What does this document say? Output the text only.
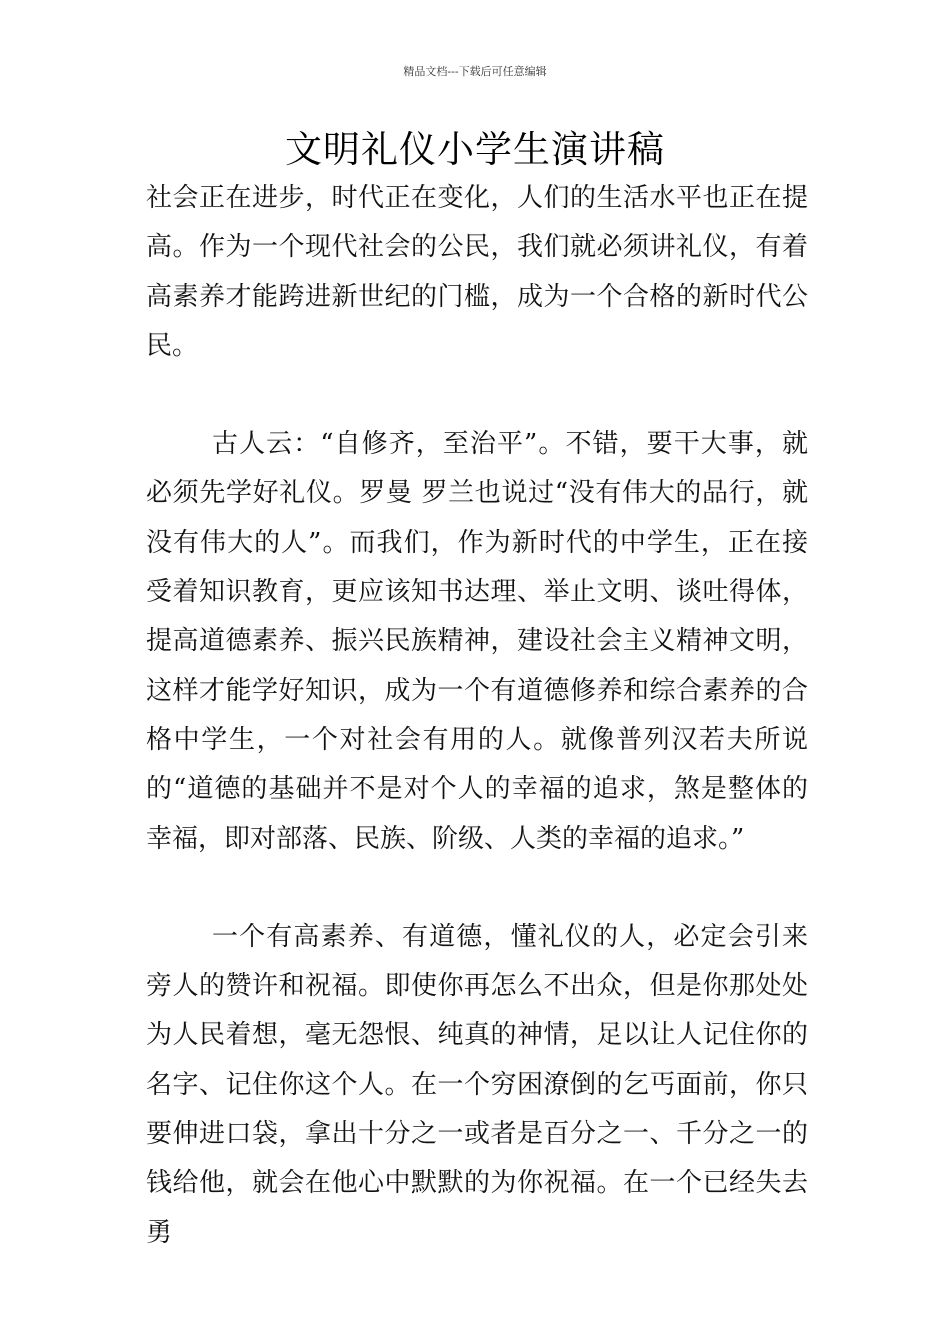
精品文档---下载后可任意编辑
文明礼仪小学生演讲稿

社会正在进步，时代正在变化，人们的生活水平也正在提高。作为一个现代社会的公民，我们就必须讲礼仪，有着高素养才能跨进新世纪的门槛，成为一个合格的新时代公民。

古人云：“自修齐，至治平”。不错，要干大事，就必须先学好礼仪。罗曼 罗兰也说过“没有伟大的品行，就没有伟大的人”。而我们，作为新时代的中学生，正在接受着知识教育，更应该知书达理、举止文明、谈吐得体，提高道德素养、振兴民族精神，建设社会主义精神文明，这样才能学好知识，成为一个有道德修养和综合素养的合格中学生，一个对社会有用的人。就像普列汉若夫所说的“道德的基础并不是对个人的幸福的追求，煞是整体的幸福，即对部落、民族、阶级、人类的幸福的追求。”

一个有高素养、有道德，懂礼仪的人，必定会引来旁人的赞许和祝福。即使你再怎么不出众，但是你那处处为人民着想，毫无怨恨、纯真的神情，足以让人记住你的名字、记住你这个人。在一个穷困潦倒的乞丐面前，你只要伸进口袋，拿出十分之一或者是百分之一、千分之一的钱给他，就会在他心中默默的为你祝福。在一个已经失去勇
